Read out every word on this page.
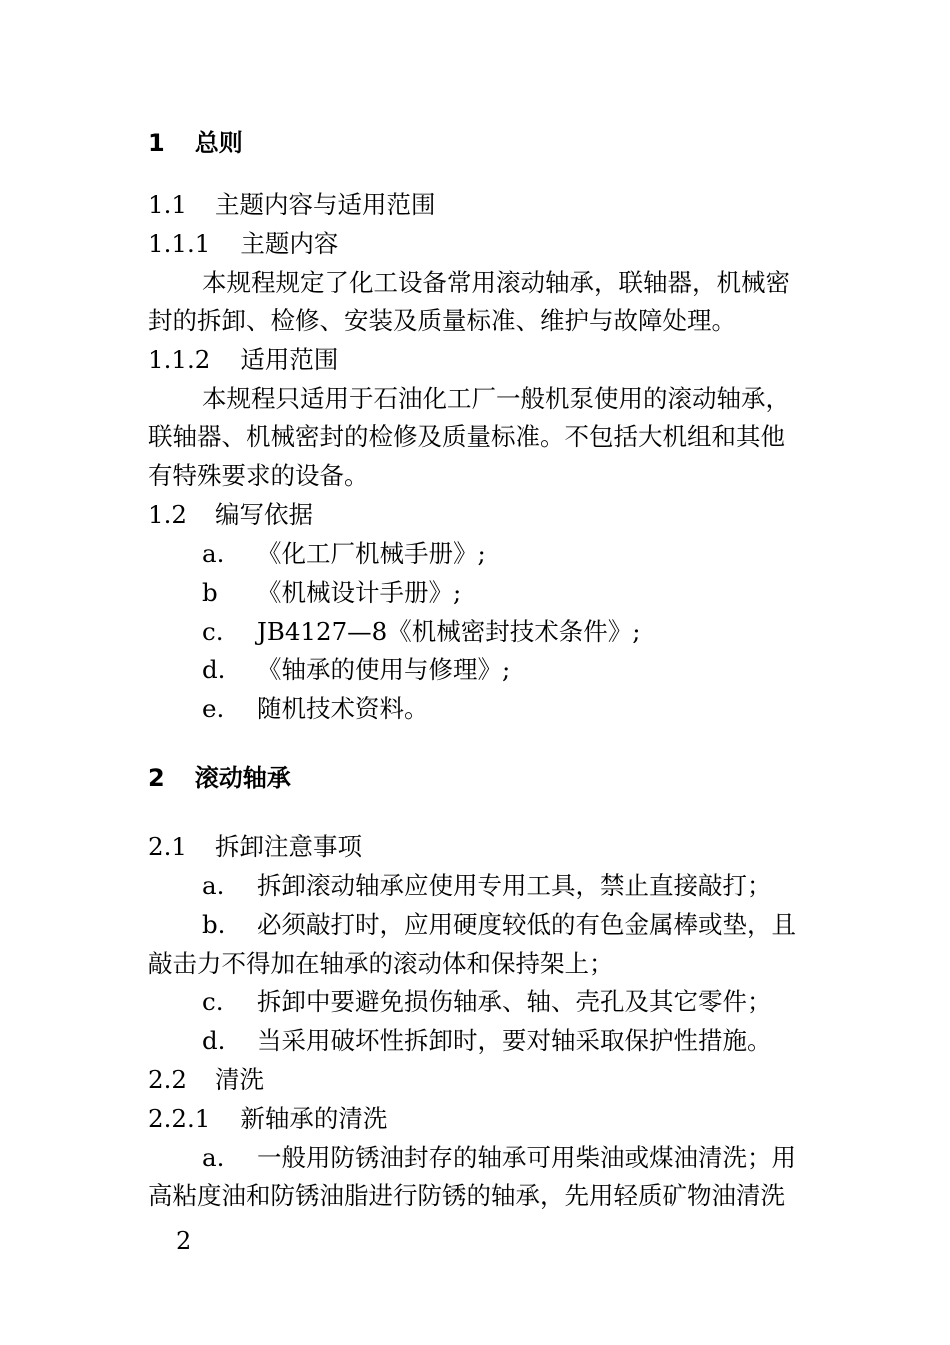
1 总则
1.1 主题内容与适用范围
1.1.1 主题内容
本规程规定了化工设备常用滚动轴承，联轴器，机械密
封的拆卸、检修、安装及质量标准、维护与故障处理。
1.1.2 适用范围
本规程只适用于石油化工厂一般机泵使用的滚动轴承，
联轴器、机械密封的检修及质量标准。不包括大机组和其他
有特殊要求的设备。
1.2 编写依据
a. 《化工厂机械手册》;
b 《机械设计手册》;
c. JB4127—8《机械密封技术条件》;
d. 《轴承的使用与修理》;
e. 随机技术资料。
2 滚动轴承
2.1 拆卸注意事项
a. 拆卸滚动轴承应使用专用工具，禁止直接敲打；
b. 必须敲打时，应用硬度较低的有色金属棒或垫，且
敲击力不得加在轴承的滚动体和保持架上；
c. 拆卸中要避免损伤轴承、轴、壳孔及其它零件；
d. 当采用破坏性拆卸时，要对轴采取保护性措施。
2.2 清洗
2.2.1 新轴承的清洗
a. 一般用防锈油封存的轴承可用柴油或煤油清洗；用
高粘度油和防锈油脂进行防锈的轴承，先用轻质矿物油清洗
2
